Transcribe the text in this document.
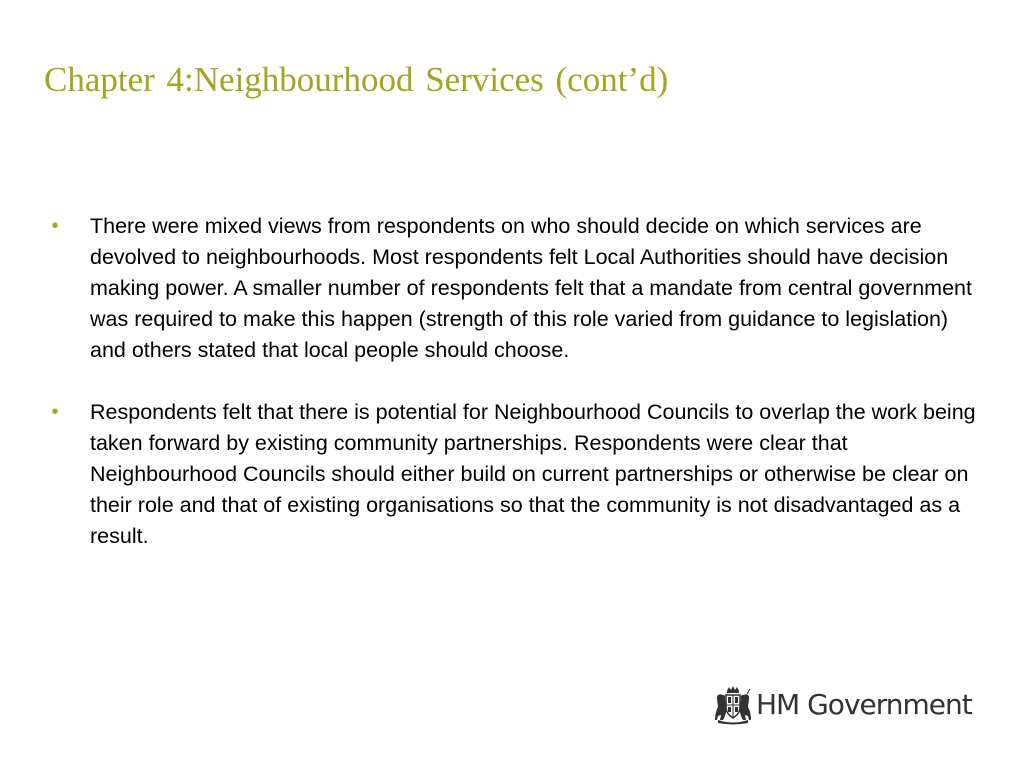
Chapter 4:Neighbourhood Services (cont’d)
• There were mixed views from respondents on who should decide on which services are devolved to neighbourhoods. Most respondents felt Local Authorities should have decision making power. A smaller number of respondents felt that a mandate from central government was required to make this happen (strength of this role varied from guidance to legislation) and others stated that local people should choose.
• Respondents felt that there is potential for Neighbourhood Councils to overlap the work being taken forward by existing community partnerships. Respondents were clear that Neighbourhood Councils should either build on current partnerships or otherwise be clear on their role and that of existing organisations so that the community is not disadvantaged as a result.
HM Government
